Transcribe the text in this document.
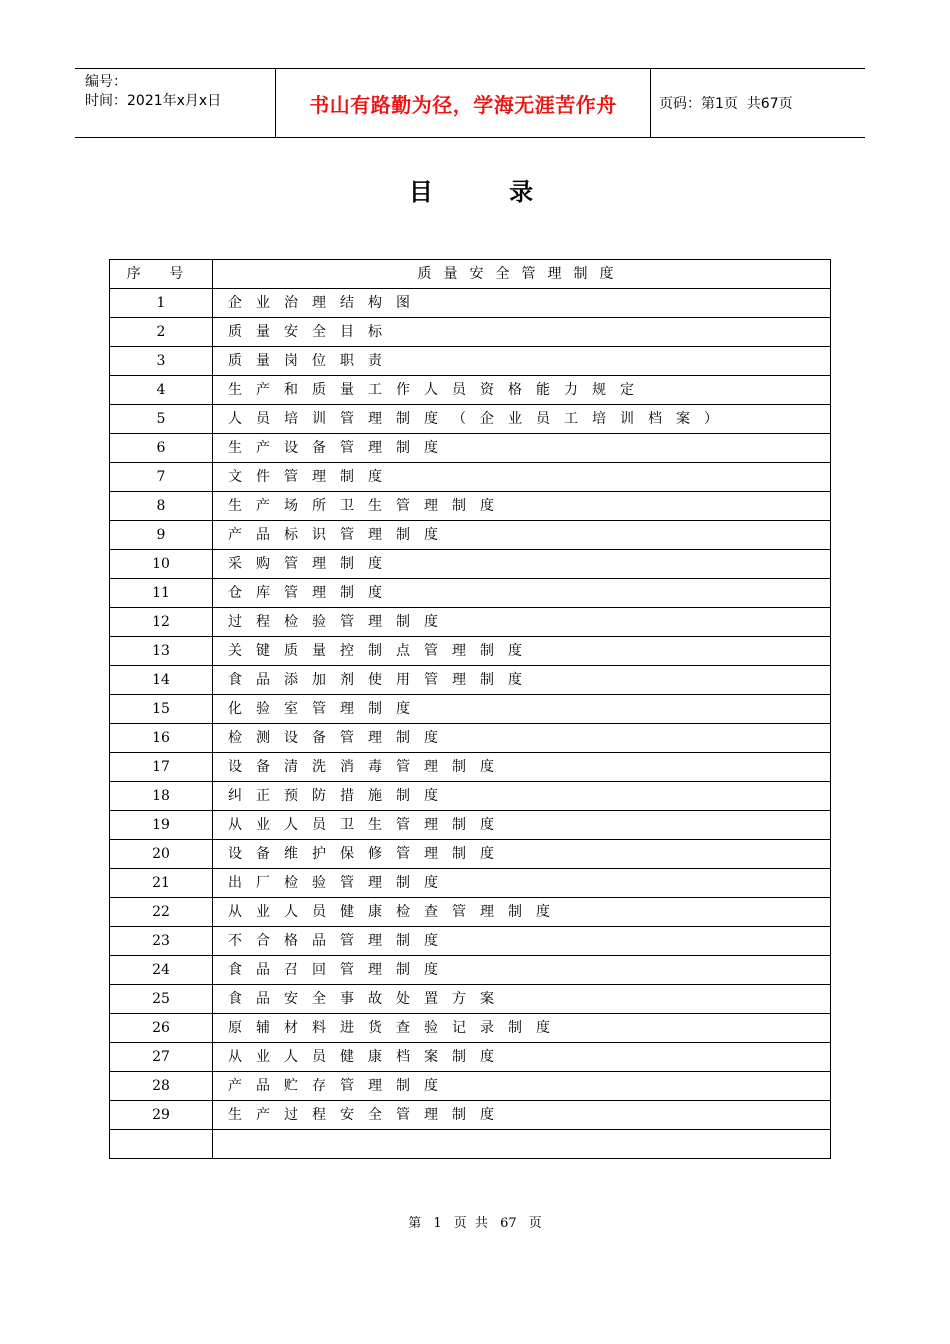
编号：
时间：2021年x月x日	书山有路勤为径，学海无涯苦作舟	页码：第1页  共67页
目 录
序 号	质量安全管理制度
1	企业治理结构图
2	质量安全目标
3	质量岗位职责
4	生产和质量工作人员资格能力规定
5	人员培训管理制度（企业员工培训档案）
6	生产设备管理制度
7	文件管理制度
8	生产场所卫生管理制度
9	产品标识管理制度
10	采购管理制度
11	仓库管理制度
12	过程检验管理制度
13	关键质量控制点管理制度
14	食品添加剂使用管理制度
15	化验室管理制度
16	检测设备管理制度
17	设备清洗消毒管理制度
18	纠正预防措施制度
19	从业人员卫生管理制度
20	设备维护保修管理制度
21	出厂检验管理制度
22	从业人员健康检查管理制度
23	不合格品管理制度
24	食品召回管理制度
25	食品安全事故处置方案
26	原辅材料进货查验记录制度
27	从业人员健康档案制度
28	产品贮存管理制度
29	生产过程安全管理制度

第 1 页 共 67 页
